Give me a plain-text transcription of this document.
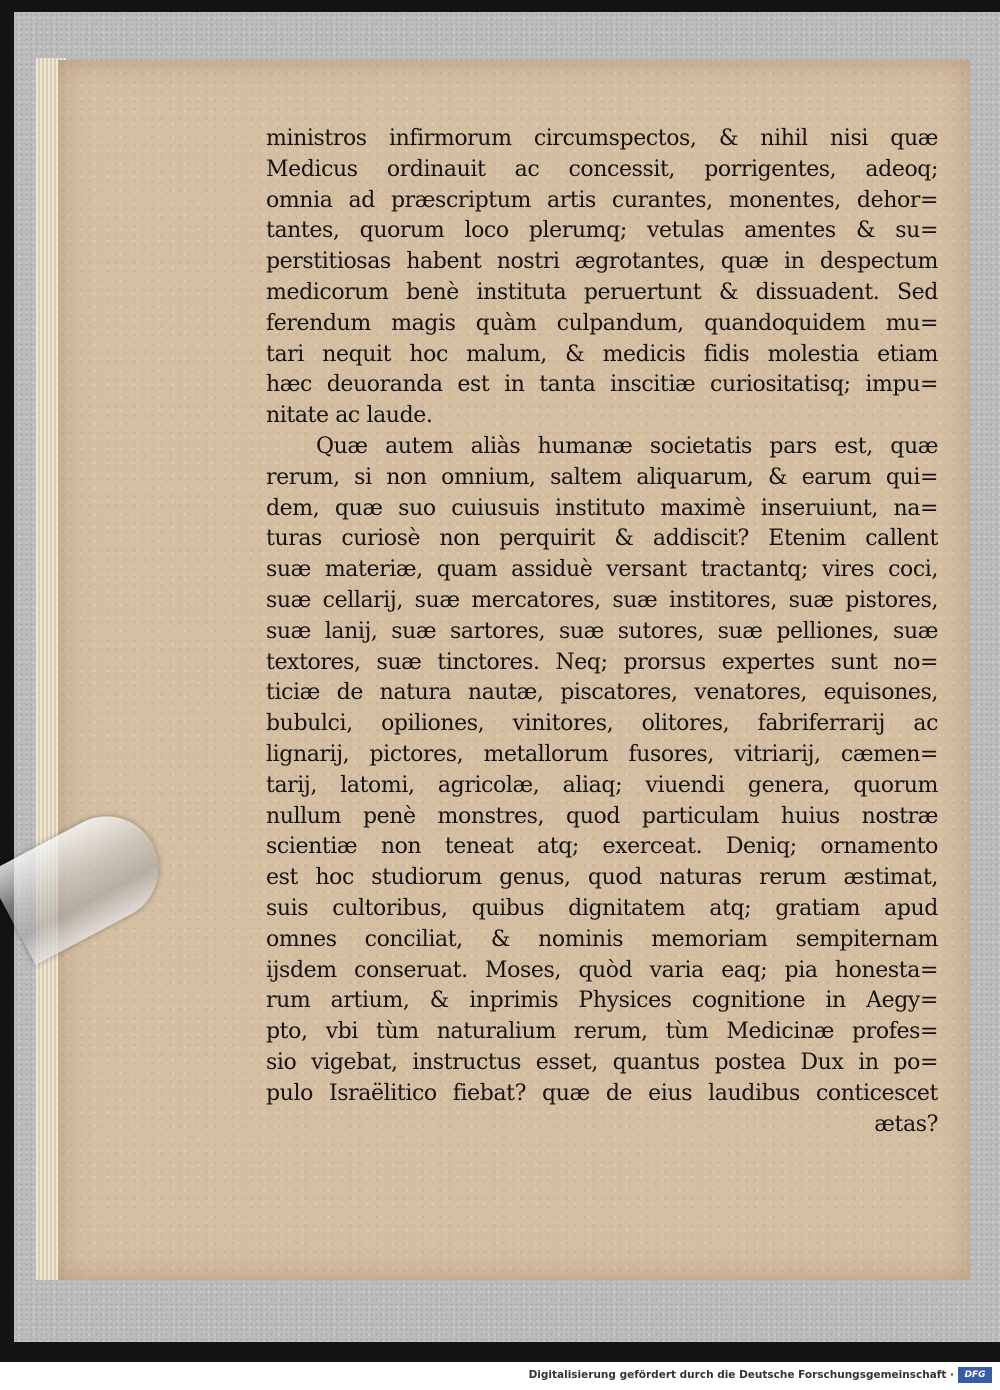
ministros infirmorum circumspectos, & nihil nisi quæ
Medicus ordinauit ac concessit, porrigentes, adeoq;
omnia ad præscriptum artis curantes, monentes, dehor=
tantes, quorum loco plerumq; vetulas amentes & su=
perstitiosas habent nostri ægrotantes, quæ in despectum
medicorum benè instituta peruertunt & dissuadent. Sed
ferendum magis quàm culpandum, quandoquidem mu=
tari nequit hoc malum, & medicis fidis molestia etiam
hæc deuoranda est in tanta inscitiæ curiositatisq; impu=
nitate ac laude.
Quæ autem aliàs humanæ societatis pars est, quæ
rerum, si non omnium, saltem aliquarum, & earum qui=
dem, quæ suo cuiusuis instituto maximè inseruiunt, na=
turas curiosè non perquirit & addiscit? Etenim callent
suæ materiæ, quam assiduè versant tractantq; vires coci,
suæ cellarij, suæ mercatores, suæ institores, suæ pistores,
suæ lanij, suæ sartores, suæ sutores, suæ pelliones, suæ
textores, suæ tinctores. Neq; prorsus expertes sunt no=
ticiæ de natura nautæ, piscatores, venatores, equisones,
bubulci, opiliones, vinitores, olitores, fabriferrarij ac
lignarij, pictores, metallorum fusores, vitriarij, cæmen=
tarij, latomi, agricolæ, aliaq; viuendi genera, quorum
nullum penè monstres, quod particulam huius nostræ
scientiæ non teneat atq; exerceat. Deniq; ornamento
est hoc studiorum genus, quod naturas rerum æstimat,
suis cultoribus, quibus dignitatem atq; gratiam apud
omnes conciliat, & nominis memoriam sempiternam
ijsdem conseruat. Moses, quòd varia eaq; pia honesta=
rum artium, & inprimis Physices cognitione in Aegy=
pto, vbi tùm naturalium rerum, tùm Medicinæ profes=
sio vigebat, instructus esset, quantus postea Dux in po=
pulo Israëlitico fiebat? quæ de eius laudibus conticescet
ætas?
Digitalisierung gefördert durch die Deutsche Forschungsgemeinschaft ·	DFG
